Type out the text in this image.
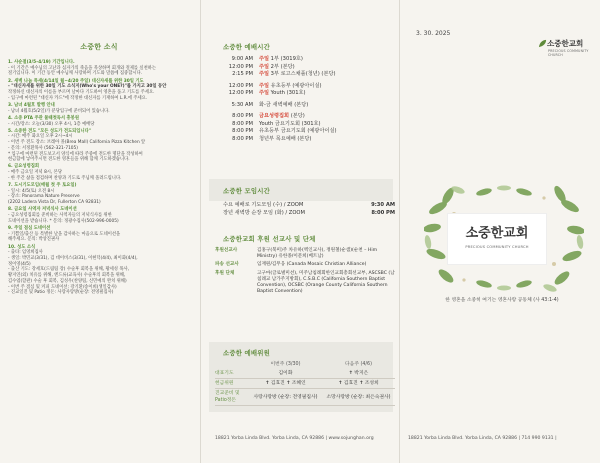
소중한 소식
1. 사순절(3/5–4/19) 기간입니다.
- 이 기간은 예수님의 고난과 십자가의 죽음을 묵상하며 회개와 절제를 실천하는
절기입니다. 이 기간 동안 예수님께 사랑하며 기도와 말씀에 집중합시다.
2. 새벽 나눔 특새(4/14일 월~4/20 주일) 대신자새를 위한 30일 기도
- "대신자새를 위한 30일 기도 소식지(Who's your ONE?)"를 가지고 30일 동안
작정하신 대신자의 이름을 부르며 날마다 기도하여 영혼을 품고 기도를 주세요.
- 입구에 마련된 "대신자 카드"에 작정한 대신자를 기재하여 L.R.에 주세요.
3. 남녀 4월호 발행 안내
- 남녀 4월호(5/2일)가 분당입구에 준비되어 있습니다.
4. 소중 PTA 주관 물때첫독서 흥봉원
- 시간/장소: 오늘(3/30) 오후 4시, 1층 예배당
5. 소중한 전도 "모든 성도가 전도되입니다"
- 시간: 매주 화요일 오후 2시~4시
- 이번 주 전도 장소: 브레아 몰(Brea Mall) California Pizza Kitchen 앞
- 문의: 서정환목사 (562-321-7105)
* 입구에 마련된 전도보고서 양식에 따라 주중에 전도한 명단을 작성하여
헌금함에 넣어주시면 전도한 영혼들을 위해 함께 기도하겠습니다.
6. 금요성령집회
- 매주 금요일 저녁 8시, 본당
- 한 주간 삶을 점검하며 찬양과 기도로 주님께 올려드립니다.
7. 도시기도모임(매월 첫 주 토요일)
- 일시: 4/5(토) 오전 8시
- 장소: Panorama Nature Preserve
(2202 Ladera Vista Dr, Fullerton CA 92831)
8. 금요일 사역자 저녁식사 도네이션
- 금요성령집회를 준비하는 사역자들의 저녁식사를 위한
도네이션을 받습니다. * 문의: 정광수집사(502-996-0005)
9. 주일 점심 도네이션
- 기쁨일/출산 등 특별한 날을 감사하는 마음으로 도네이션을
해주세요. 문의: 박상진권사
10. 성도 소식
- 출타: 임영희집사
- 생일: 박민교(3/31), 김 데이비스(3/31), 이현덕(4/4), 최이화(4/4),
정이영(4/5)
- 출산 기도: 강세호(드림팀 장) 수술후 회복을 위해, 황세성 목사,
황지연(외) 치유를 위해, 엔드류(교육사) 수술후의 회복을 위해,
김수엽(할관) 수술 후 회복, 김성우(찬양팀, 신민예의 완치 위해)
- 이번 주 점심 및 커피 도네이션: 강기환/송이희(생일감사)
- 진교일진 및 Patio 정돈: 사랑사랑방(순장: 전영필집사)
소중한 예배시간
9:00 AM 주일 1부 (3019호)
12:00 PM 주일 2부 (본당)
2:15 PM 주일 3부 로고스채플(청년) (본당)
12:00 PM 주일 유초등부 (예광아이실)
12:00 PM 주일 Youth (301호)
5:30 AM 화-금 새벽예배 (본당)
8:00 PM 금요성령집회 (본당)
8:00 PM Youth 금요기도회 (301호)
8:00 PM 유초등부 금요기도회 (예광아이실)
8:00 PM 청년부 목요예배 (본당)
소중한 모임시간
수요 예배로 기도모임 (수) / ZOOM	9:30 AM
장년 새벽방 순장 모임 (화) / ZOOM	8:00 PM
소중한교회 후원 선교사 및 단체
후원선교사	김홍구(북미)주 차유하(멕인교사), 정원철(순샘)(순천 – Him Ministry) 유한종/이문희(베트남)
파송 선교사	임재원/김무웅 (Canada Mosaic Christian Alliance)
후원 단체	고구마(글로벌미션), 미주남침례회한인교회총회선교부, ASCSBC (남침례교 남가주지방회), C.S.B.C (California Southern Baptist Convention), OCSBC (Orange County California Southern Baptist Convention)
소중한 예배위원
	이번주 (3/30)	다음주 (4/6)
대표기도	김이화	✝ 박지은
헌금위원	✝ 김효진 ✝ 조혜인	✝ 김효진 ✝ 조성희
진교준비 및 Patio정돈	사랑사랑방 (순장: 전영필집사)	소망사랑방 (순장: 최은숙권사)
18821 Yorba Linda Blvd. Yorba Linda, CA 92886 | www.sojunghan.org
3. 30. 2025
소중한교회
PRECIOUS COMMUNITY CHURCH
소중한교회
PRECIOUS COMMUNITY CHURCH
한 영혼을 소중히 여기는 영혼사랑 공동체 (사 43:1-4)
18821 Yorba Linda Blvd. Yorba Linda, CA 92886 | 714 990 9131 |
